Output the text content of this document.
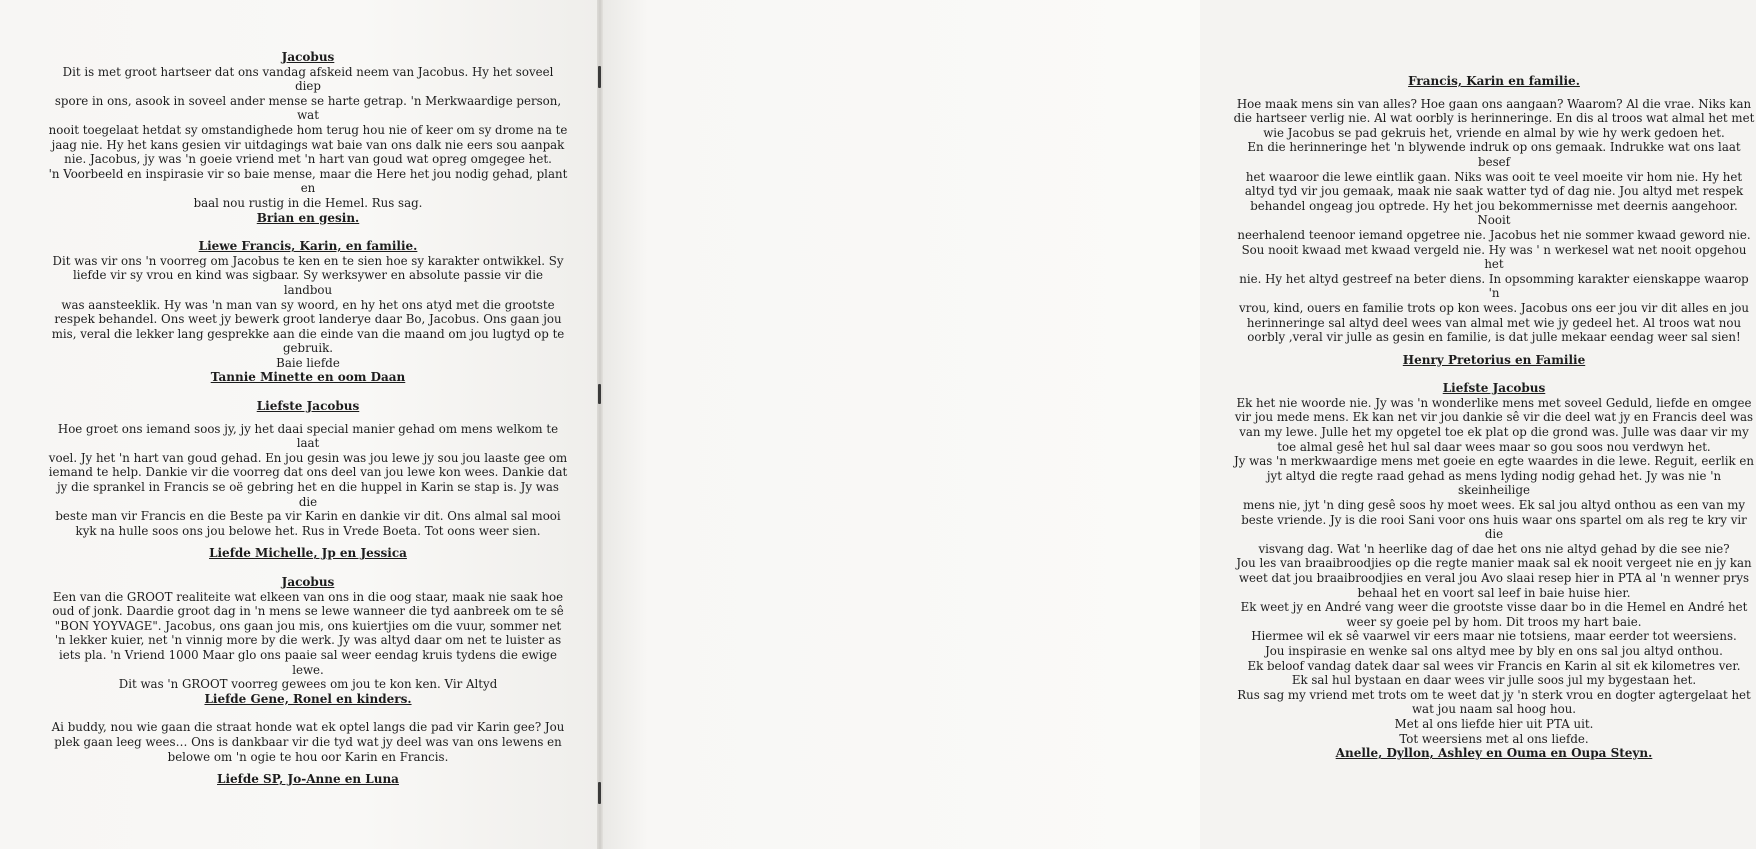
Jacobus

Dit is met groot hartseer dat ons vandag afskeid neem van Jacobus. Hy het soveel diep
spore in ons, asook in soveel ander mense se harte getrap. 'n Merkwaardige person, wat
nooit toegelaat hetdat sy omstandighede hom terug hou nie of keer om sy drome na te
jaag nie. Hy het kans gesien vir uitdagings wat baie van ons dalk nie eers sou aanpak
nie. Jacobus, jy was 'n goeie vriend met 'n hart van goud wat opreg omgegee het.
'n Voorbeeld en inspirasie vir so baie mense, maar die Here het jou nodig gehad, plant en
baal nou rustig in die Hemel. Rus sag.

Brian en gesin.
Liewe Francis, Karin, en familie.

Dit was vir ons 'n voorreg om Jacobus te ken en te sien hoe sy karakter ontwikkel. Sy
liefde vir sy vrou en kind was sigbaar. Sy werksywer en absolute passie vir die landbou
was aansteeklik. Hy was 'n man van sy woord, en hy het ons atyd met die grootste
respek behandel. Ons weet jy bewerk groot landerye daar Bo, Jacobus. Ons gaan jou
mis, veral die lekker lang gesprekke aan die einde van die maand om jou lugtyd op te
gebruik.

Baie liefde

Tannie Minette en oom Daan
Liefste Jacobus

Hoe groet ons iemand soos jy, jy het daai special manier gehad om mens welkom te laat
voel. Jy het 'n hart van goud gehad. En jou gesin was jou lewe jy sou jou laaste gee om
iemand te help. Dankie vir die voorreg dat ons deel van jou lewe kon wees. Dankie dat
jy die sprankel in Francis se oë gebring het en die huppel in Karin se stap is. Jy was die
beste man vir Francis en die Beste pa vir Karin en dankie vir dit. Ons almal sal mooi
kyk na hulle soos ons jou belowe het. Rus in Vrede Boeta. Tot oons weer sien.

Liefde Michelle, Jp en Jessica
Jacobus

Een van die GROOT realiteite wat elkeen van ons in die oog staar, maak nie saak hoe
oud of jonk. Daardie groot dag in 'n mens se lewe wanneer die tyd aanbreek om te sê
"BON YOYVAGE". Jacobus, ons gaan jou mis, ons kuiertjies om die vuur, sommer net
'n lekker kuier, net 'n vinnig more by die werk. Jy was altyd daar om net te luister as
iets pla. 'n Vriend 1000 Maar glo ons paaie sal weer eendag kruis tydens die ewige lewe.
Dit was 'n GROOT voorreg gewees om jou te kon ken. Vir Altyd

Liefde Gene, Ronel en kinders.

Ai buddy, nou wie gaan die straat honde wat ek optel langs die pad vir Karin gee? Jou
plek gaan leeg wees… Ons is dankbaar vir die tyd wat jy deel was van ons lewens en
belowe om 'n ogie te hou oor Karin en Francis.

Liefde SP, Jo-Anne en Luna
Francis, Karin en familie.

Hoe maak mens sin van alles? Hoe gaan ons aangaan? Waarom? Al die vrae. Niks kan
die hartseer verlig nie. Al wat oorbly is herinneringe. En dis al troos wat almal het met
wie Jacobus se pad gekruis het, vriende en almal by wie hy werk gedoen het.
En die herinneringe het 'n blywende indruk op ons gemaak. Indrukke wat ons laat besef
het waaroor die lewe eintlik gaan. Niks was ooit te veel moeite vir hom nie. Hy het
altyd tyd vir jou gemaak, maak nie saak watter tyd of dag nie. Jou altyd met respek
behandel ongeag jou optrede. Hy het jou bekommernisse met deernis aangehoor. Nooit
neerhalend teenoor iemand opgetree nie. Jacobus het nie sommer kwaad geword nie.
Sou nooit kwaad met kwaad vergeld nie. Hy was ' n werkesel wat net nooit opgehou het
nie. Hy het altyd gestreef na beter diens. In opsomming karakter eienskappe waarop 'n
vrou, kind, ouers en familie trots op kon wees. Jacobus ons eer jou vir dit alles en jou
herinneringe sal altyd deel wees van almal met wie jy gedeel het. Al troos wat nou
oorbly ,veral vir julle as gesin en familie, is dat julle mekaar eendag weer sal sien!

Henry Pretorius en Familie
Liefste Jacobus

Ek het nie woorde nie. Jy was 'n wonderlike mens met soveel Geduld, liefde en omgee
vir jou mede mens. Ek kan net vir jou dankie sê vir die deel wat jy en Francis deel was
van my lewe. Julle het my opgetel toe ek plat op die grond was. Julle was daar vir my
toe almal gesê het hul sal daar wees maar so gou soos nou verdwyn het.
Jy was 'n merkwaardige mens met goeie en egte waardes in die lewe. Reguit, eerlik en
jyt altyd die regte raad gehad as mens lyding nodig gehad het. Jy was nie 'n skeinheilige
mens nie, jyt 'n ding gesê soos hy moet wees. Ek sal jou altyd onthou as een van my
beste vriende. Jy is die rooi Sani voor ons huis waar ons spartel om als reg te kry vir die
visvang dag. Wat 'n heerlike dag of dae het ons nie altyd gehad by die see nie?
Jou les van braaibroodjies op die regte manier maak sal ek nooit vergeet nie en jy kan
weet dat jou braaibroodjies en veral jou Avo slaai resep hier in PTA al 'n wenner prys
behaal het en voort sal leef in baie huise hier.
Ek weet jy en André vang weer die grootste visse daar bo in die Hemel en André het
weer sy goeie pel by hom. Dit troos my hart baie.
Hiermee wil ek sê vaarwel vir eers maar nie totsiens, maar eerder tot weersiens.
Jou inspirasie en wenke sal ons altyd mee by bly en ons sal jou altyd onthou.
Ek beloof vandag datek daar sal wees vir Francis en Karin al sit ek kilometres ver.
Ek sal hul bystaan en daar wees vir julle soos jul my bygestaan het.
Rus sag my vriend met trots om te weet dat jy 'n sterk vrou en dogter agtergelaat het
wat jou naam sal hoog hou.
Met al ons liefde hier uit PTA uit.
Tot weersiens met al ons liefde.

Anelle, Dyllon, Ashley en Ouma en Oupa Steyn.
